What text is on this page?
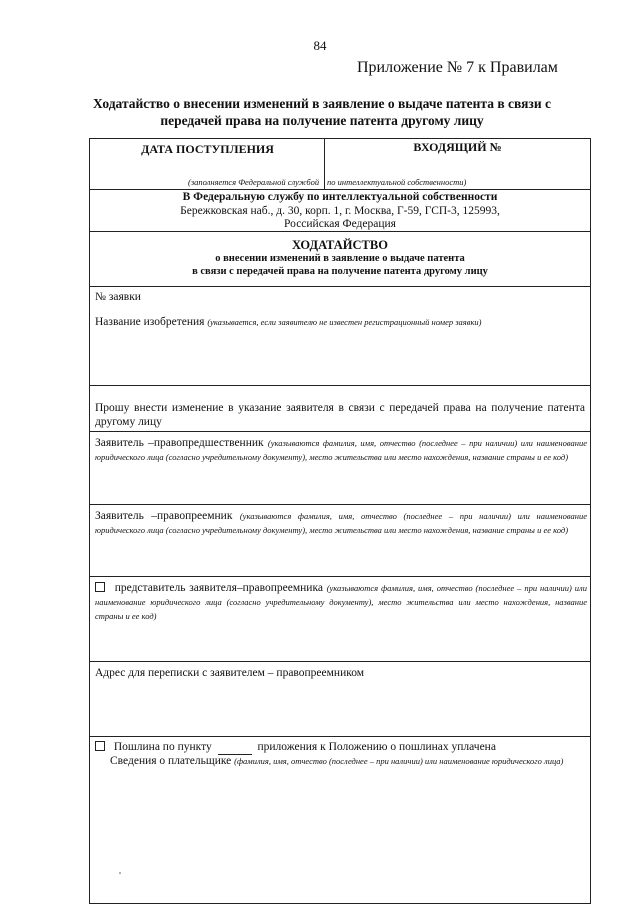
84
Приложение № 7 к Правилам
Ходатайство о внесении изменений в заявление о выдаче патента в связи с передачей права на получение патента другому лицу
ДАТА ПОСТУПЛЕНИЯ	ВХОДЯЩИЙ №
(заполняется Федеральной службой по интеллектуальной собственности)
В Федеральную службу по интеллектуальной собственности
Бережковская наб., д. 30, корп. 1, г. Москва, Г-59, ГСП-3, 125993,
Российская Федерация
ХОДАТАЙСТВО
о внесении изменений в заявление о выдаче патента
в связи с передачей права на получение патента другому лицу
№ заявки
Название изобретения (указывается, если заявителю не известен регистрационный номер заявки)
Прошу внести изменение в указание заявителя в связи с передачей права на получение патента другому лицу
Заявитель –правопредшественник (указываются фамилия, имя, отчество (последнее – при наличии) или наименование юридического лица (согласно учредительному документу), место жительства или место нахождения, название страны и ее код)
Заявитель –правопреемник (указываются фамилия, имя, отчество (последнее – при наличии) или наименование юридического лица (согласно учредительному документу), место жительства или место нахождения, название страны и ее код)
представитель заявителя–правопреемника (указываются фамилия, имя, отчество (последнее – при наличии) или наименование юридического лица (согласно учредительному документу), место жительства или место нахождения, название страны и ее код)
Адрес для переписки с заявителем – правопреемником
Пошлина по пункту	приложения к Положению о пошлинах уплачена
Сведения о плательщике (фамилия, имя, отчество (последнее – при наличии) или наименование юридического лица)
